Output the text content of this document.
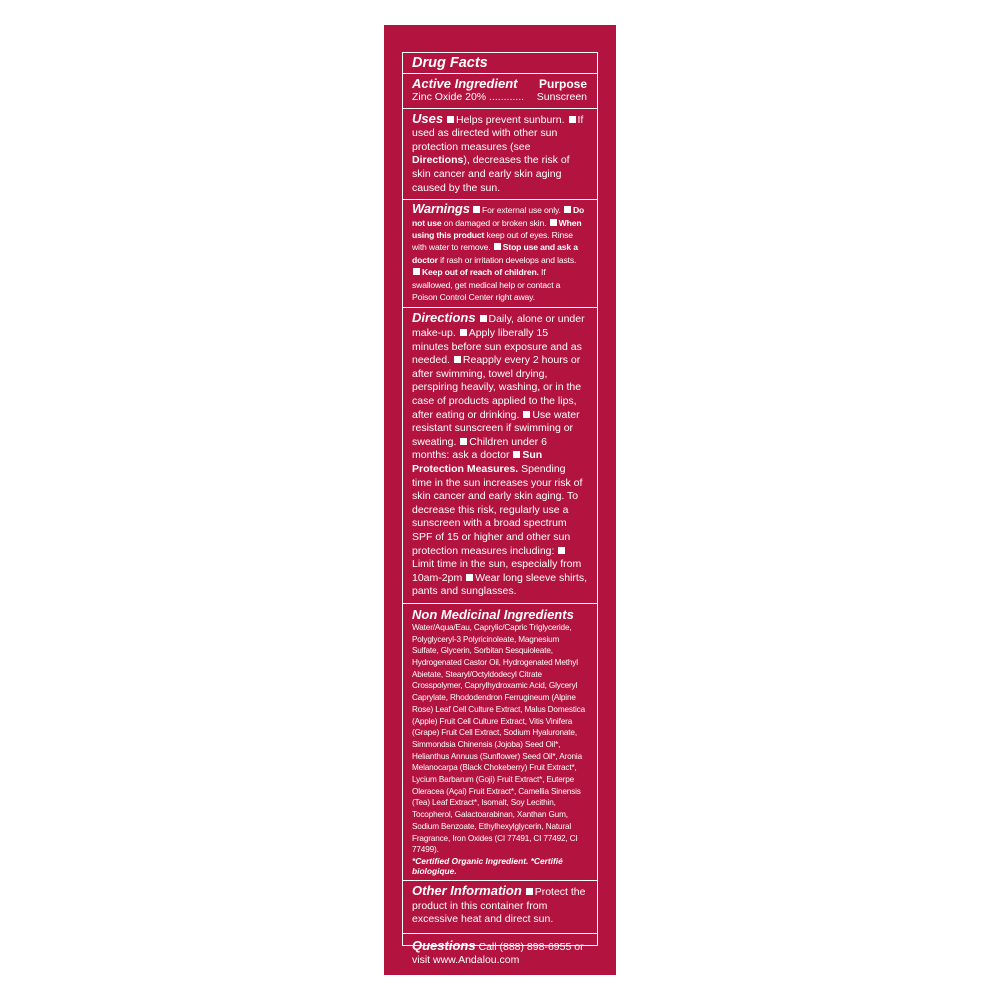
Drug Facts
Active Ingredient Purpose
Zinc Oxide 20% ............ Sunscreen
Uses Helps prevent sunburn. If used as directed with other sun protection measures (see Directions), decreases the risk of skin cancer and early skin aging caused by the sun.
Warnings For external use only. Do not use on damaged or broken skin. When using this product keep out of eyes. Rinse with water to remove. Stop use and ask a doctor if rash or irritation develops and lasts. Keep out of reach of children. If swallowed, get medical help or contact a Poison Control Center right away.
Directions Daily, alone or under make-up. Apply liberally 15 minutes before sun exposure and as needed. Reapply every 2 hours or after swimming, towel drying, perspiring heavily, washing, or in the case of products applied to the lips, after eating or drinking. Use water resistant sunscreen if swimming or sweating. Children under 6 months: ask a doctor Sun Protection Measures. Spending time in the sun increases your risk of skin cancer and early skin aging. To decrease this risk, regularly use a sunscreen with a broad spectrum SPF of 15 or higher and other sun protection measures including: Limit time in the sun, especially from 10am-2pm Wear long sleeve shirts, pants and sunglasses.
Non Medicinal Ingredients
Water/Aqua/Eau, Caprylic/Capric Triglyceride, Polyglyceryl-3 Polyricinoleate, Magnesium Sulfate, Glycerin, Sorbitan Sesquioleate, Hydrogenated Castor Oil, Hydrogenated Methyl Abietate, Stearyl/Octyldodecyl Citrate Crosspolymer, Caprylhydroxamic Acid, Glyceryl Caprylate, Rhododendron Ferrugineum (Alpine Rose) Leaf Cell Culture Extract, Malus Domestica (Apple) Fruit Cell Culture Extract, Vitis Vinifera (Grape) Fruit Cell Extract, Sodium Hyaluronate, Simmondsia Chinensis (Jojoba) Seed Oil*, Helianthus Annuus (Sunflower) Seed Oil*, Aronia Melanocarpa (Black Chokeberry) Fruit Extract*, Lycium Barbarum (Goji) Fruit Extract*, Euterpe Oleracea (Açai) Fruit Extract*, Camellia Sinensis (Tea) Leaf Extract*, Isomalt, Soy Lecithin, Tocopherol, Galactoarabinan, Xanthan Gum, Sodium Benzoate, Ethylhexylglycerin, Natural Fragrance, Iron Oxides (CI 77491, CI 77492, CI 77499).
*Certified Organic Ingredient. *Certifié biologique.
Other Information Protect the product in this container from excessive heat and direct sun.
Questions Call (888) 898-6955 or visit www.Andalou.com
